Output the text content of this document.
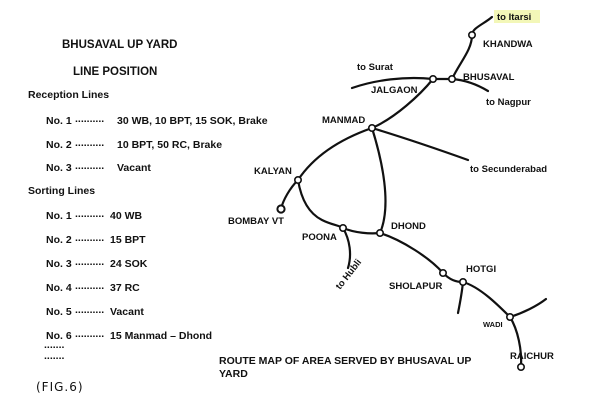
BHUSAVAL UP YARD
LINE POSITION
Reception Lines
No. 1 .......... 30 WB, 10 BPT, 15 SOK, Brake
No. 2 .......... 10 BPT, 50 RC, Brake
No. 3 .......... Vacant
Sorting Lines
No. 1 .......... 40 WB
No. 2 .......... 15 BPT
No. 3 .......... 24 SOK
No. 4 .......... 37 RC
No. 5 .......... Vacant
No. 6 .......... 15 Manmad – Dhond
.......
.......
(FIG.6)
to Itarsi
KHANDWA
to Surat
BHUSAVAL
JALGAON
to Nagpur
MANMAD
to Secunderabad
KALYAN
BOMBAY VT	DHOND
POONA
to Hubli	HOTGI
SHOLAPUR
WADI
RAICHUR
ROUTE MAP OF AREA SERVED BY BHUSAVAL UP
YARD
